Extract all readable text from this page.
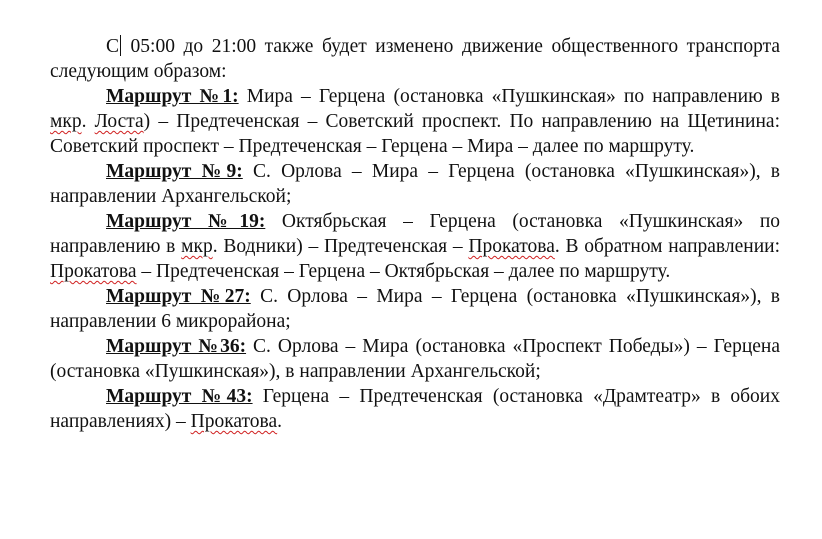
С 05:00 до 21:00 также будет изменено движение общественного транспорта следующим образом:

Маршрут №1: Мира – Герцена (остановка «Пушкинская» по направлению в мкр. Лоста) – Предтеченская – Советский проспект. По направлению на Щетинина: Советский проспект – Предтеченская – Герцена – Мира – далее по маршруту.

Маршрут №9: С. Орлова – Мира – Герцена (остановка «Пушкинская»), в направлении Архангельской;

Маршрут №19: Октябрьская – Герцена (остановка «Пушкинская» по направлению в мкр. Водники) – Предтеченская – Прокатова. В обратном направлении: Прокатова – Предтеченская – Герцена – Октябрьская – далее по маршруту.

Маршрут №27: С. Орлова – Мира – Герцена (остановка «Пушкинская»), в направлении 6 микрорайона;

Маршрут №36: С. Орлова – Мира (остановка «Проспект Победы») – Герцена (остановка «Пушкинская»), в направлении Архангельской;

Маршрут №43: Герцена – Предтеченская (остановка «Драмтеатр» в обоих направлениях) – Прокатова.
